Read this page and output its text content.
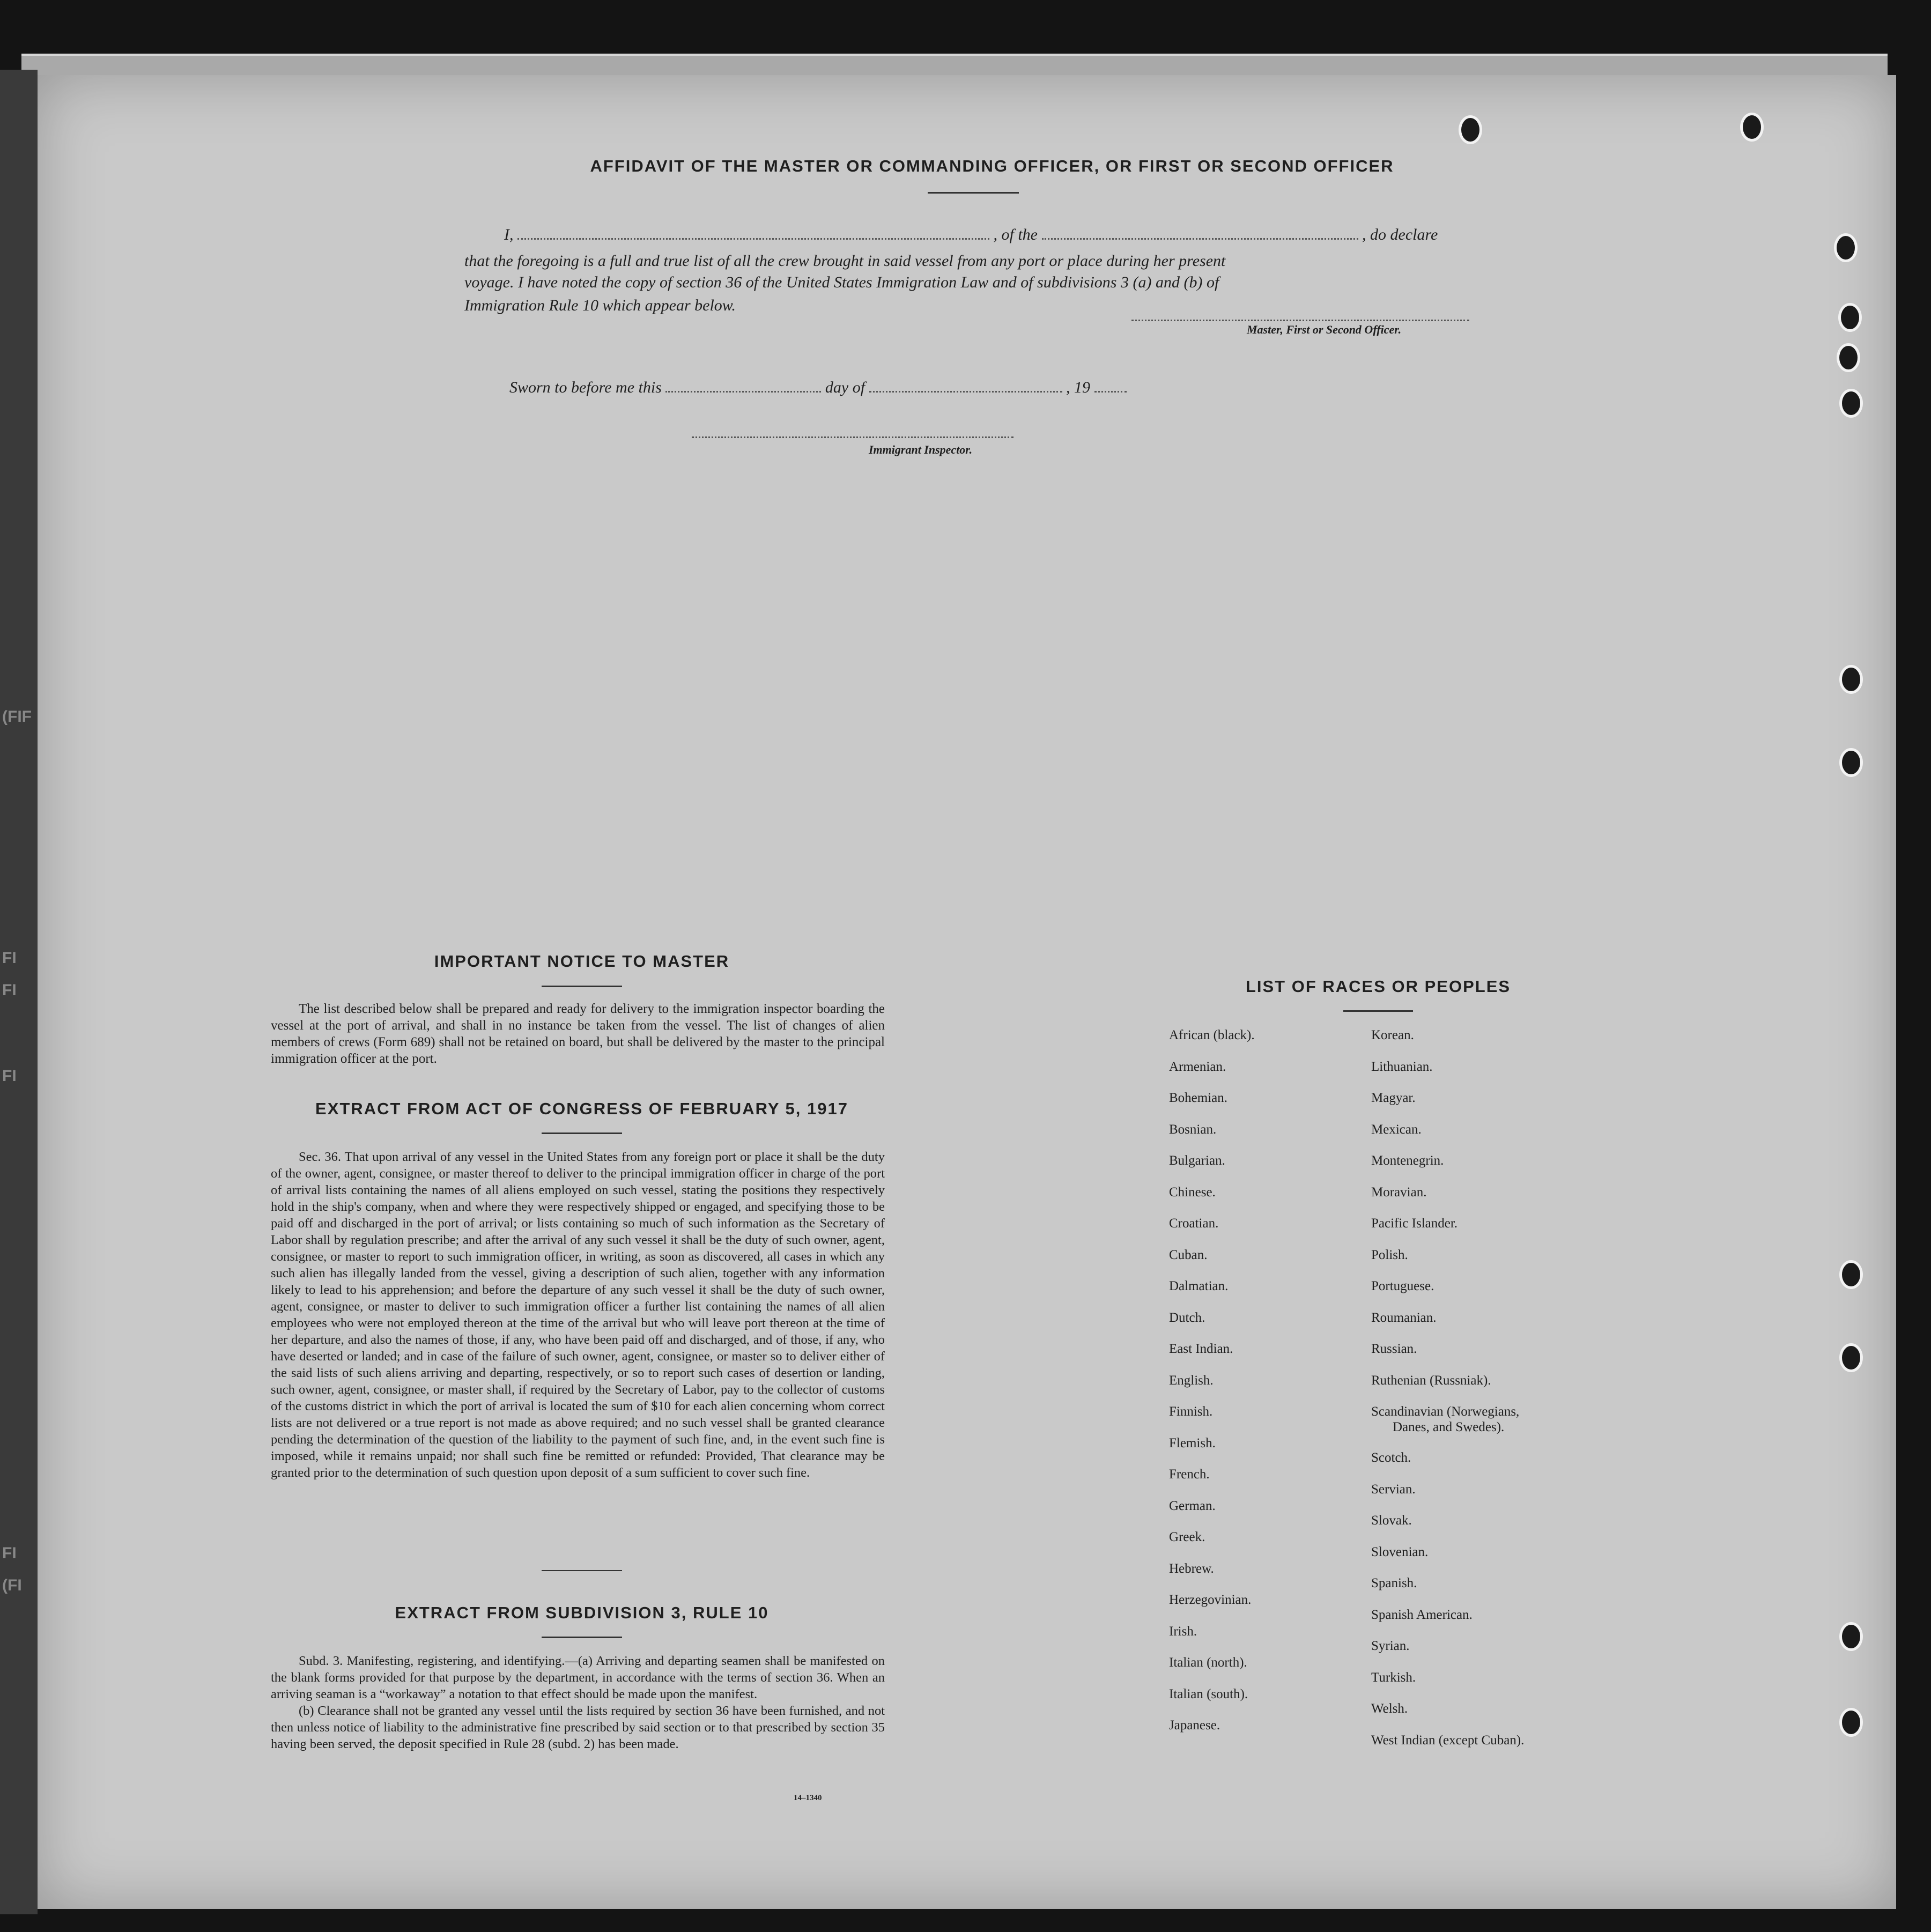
(FIF
FI
FI
FI
FI
(FI
AFFIDAVIT OF THE MASTER OR COMMANDING OFFICER, OR FIRST OR SECOND OFFICER
I,	, of the	, do declare
that the foregoing is a full and true list of all the crew brought in said vessel from any port or place during her present
voyage. I have noted the copy of section 36 of the United States Immigration Law and of subdivisions 3 (a) and (b) of
Immigration Rule 10 which appear below.
Master, First or Second Officer.
Sworn to before me this	day of	, 19
Immigrant Inspector.
IMPORTANT NOTICE TO MASTER

The list described below shall be prepared and ready for delivery to the immigration inspector boarding the vessel at the port of arrival, and shall in no instance be taken from the vessel. The list of changes of alien members of crews (Form 689) shall not be retained on board, but shall be delivered by the master to the principal immigration officer at the port.

EXTRACT FROM ACT OF CONGRESS OF FEBRUARY 5, 1917

Sec. 36. That upon arrival of any vessel in the United States from any foreign port or place it shall be the duty of the owner, agent, consignee, or master thereof to deliver to the principal immigration officer in charge of the port of arrival lists containing the names of all aliens employed on such vessel, stating the positions they respectively hold in the ship's company, when and where they were respectively shipped or engaged, and specifying those to be paid off and discharged in the port of arrival; or lists containing so much of such information as the Secretary of Labor shall by regulation prescribe; and after the arrival of any such vessel it shall be the duty of such owner, agent, consignee, or master to report to such immigration officer, in writing, as soon as discovered, all cases in which any such alien has illegally landed from the vessel, giving a description of such alien, together with any information likely to lead to his apprehension; and before the departure of any such vessel it shall be the duty of such owner, agent, consignee, or master to deliver to such immigration officer a further list containing the names of all alien employees who were not employed thereon at the time of the arrival but who will leave port thereon at the time of her departure, and also the names of those, if any, who have been paid off and discharged, and of those, if any, who have deserted or landed; and in case of the failure of such owner, agent, consignee, or master so to deliver either of the said lists of such aliens arriving and departing, respectively, or so to report such cases of desertion or landing, such owner, agent, consignee, or master shall, if required by the Secretary of Labor, pay to the collector of customs of the customs district in which the port of arrival is located the sum of $10 for each alien concerning whom correct lists are not delivered or a true report is not made as above required; and no such vessel shall be granted clearance pending the determination of the question of the liability to the payment of such fine, and, in the event such fine is imposed, while it remains unpaid; nor shall such fine be remitted or refunded: Provided, That clearance may be granted prior to the determination of such question upon deposit of a sum sufficient to cover such fine.

EXTRACT FROM SUBDIVISION 3, RULE 10

Subd. 3. Manifesting, registering, and identifying.—(a) Arriving and departing seamen shall be manifested on the blank forms provided for that purpose by the department, in accordance with the terms of section 36. When an arriving seaman is a “workaway” a notation to that effect should be made upon the manifest.

(b) Clearance shall not be granted any vessel until the lists required by section 36 have been furnished, and not then unless notice of liability to the administrative fine prescribed by said section or to that prescribed by section 35 having been served, the deposit specified in Rule 28 (subd. 2) has been made.

14–1340
LIST OF RACES OR PEOPLES
African (black).
Armenian.
Bohemian.
Bosnian.
Bulgarian.
Chinese.
Croatian.
Cuban.
Dalmatian.
Dutch.
East Indian.
English.
Finnish.
Flemish.
French.
German.
Greek.
Hebrew.
Herzegovinian.
Irish.
Italian (north).
Italian (south).
Japanese.
Korean.
Lithuanian.
Magyar.
Mexican.
Montenegrin.
Moravian.
Pacific Islander.
Polish.
Portuguese.
Roumanian.
Russian.
Ruthenian (Russniak).
Scandinavian (Norwegians,
Danes, and Swedes).
Scotch.
Servian.
Slovak.
Slovenian.
Spanish.
Spanish American.
Syrian.
Turkish.
Welsh.
West Indian (except Cuban).
